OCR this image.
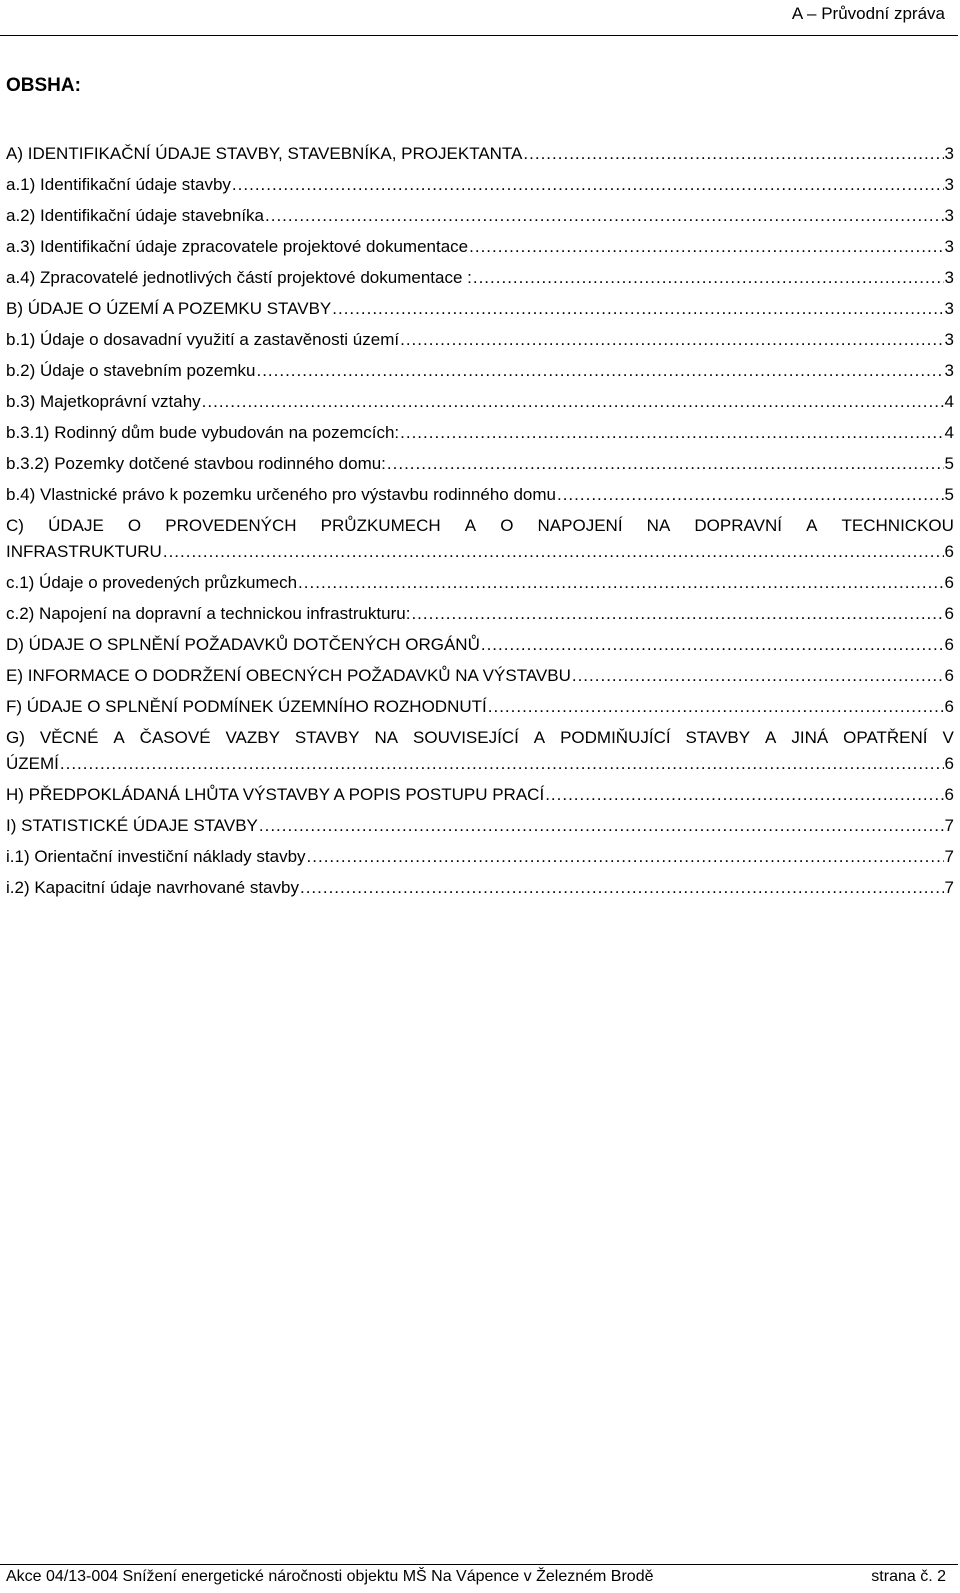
A – Průvodní zpráva
OBSHA:
A) IDENTIFIKAČNÍ ÚDAJE STAVBY, STAVEBNÍKA, PROJEKTANTA .....	3
a.1) Identifikační údaje stavby .....	3
a.2) Identifikační údaje stavebníka .....	3
a.3) Identifikační údaje zpracovatele projektové dokumentace .....	3
a.4) Zpracovatelé jednotlivých částí projektové dokumentace : .....	3
B) ÚDAJE O ÚZEMÍ A POZEMKU STAVBY .....	3
b.1) Údaje o dosavadní využití a zastavěnosti území .....	3
b.2) Údaje o stavebním pozemku .....	3
b.3) Majetkoprávní vztahy .....	4
b.3.1) Rodinný dům bude vybudován na pozemcích: .....	4
b.3.2) Pozemky dotčené stavbou rodinného domu: .....	5
b.4) Vlastnické právo k pozemku určeného pro výstavbu rodinného domu .....	5
C) ÚDAJE O PROVEDENÝCH PRŮZKUMECH A O NAPOJENÍ NA DOPRAVNÍ A TECHNICKOU
INFRASTRUKTURU .....	6
c.1) Údaje o provedených průzkumech .....	6
c.2) Napojení na dopravní a technickou infrastrukturu: .....	6
D) ÚDAJE O SPLNĚNÍ POŽADAVKŮ DOTČENÝCH ORGÁNŮ .....	6
E) INFORMACE O DODRŽENÍ OBECNÝCH POŽADAVKŮ NA VÝSTAVBU .....	6
F) ÚDAJE O SPLNĚNÍ PODMÍNEK ÚZEMNÍHO ROZHODNUTÍ .....	6
G) VĚCNÉ A ČASOVÉ VAZBY STAVBY NA SOUVISEJÍCÍ A PODMIŇUJÍCÍ STAVBY A JINÁ OPATŘENÍ V
ÚZEMÍ .....	6
H) PŘEDPOKLÁDANÁ LHŮTA VÝSTAVBY A POPIS POSTUPU PRACÍ .....	6
I) STATISTICKÉ ÚDAJE STAVBY .....	7
i.1) Orientační investiční náklady stavby .....	7
i.2) Kapacitní údaje navrhované stavby .....	7
Akce 04/13-004 Snížení energetické náročnosti objektu MŠ Na Vápence v Železném Brodě	strana č. 2
